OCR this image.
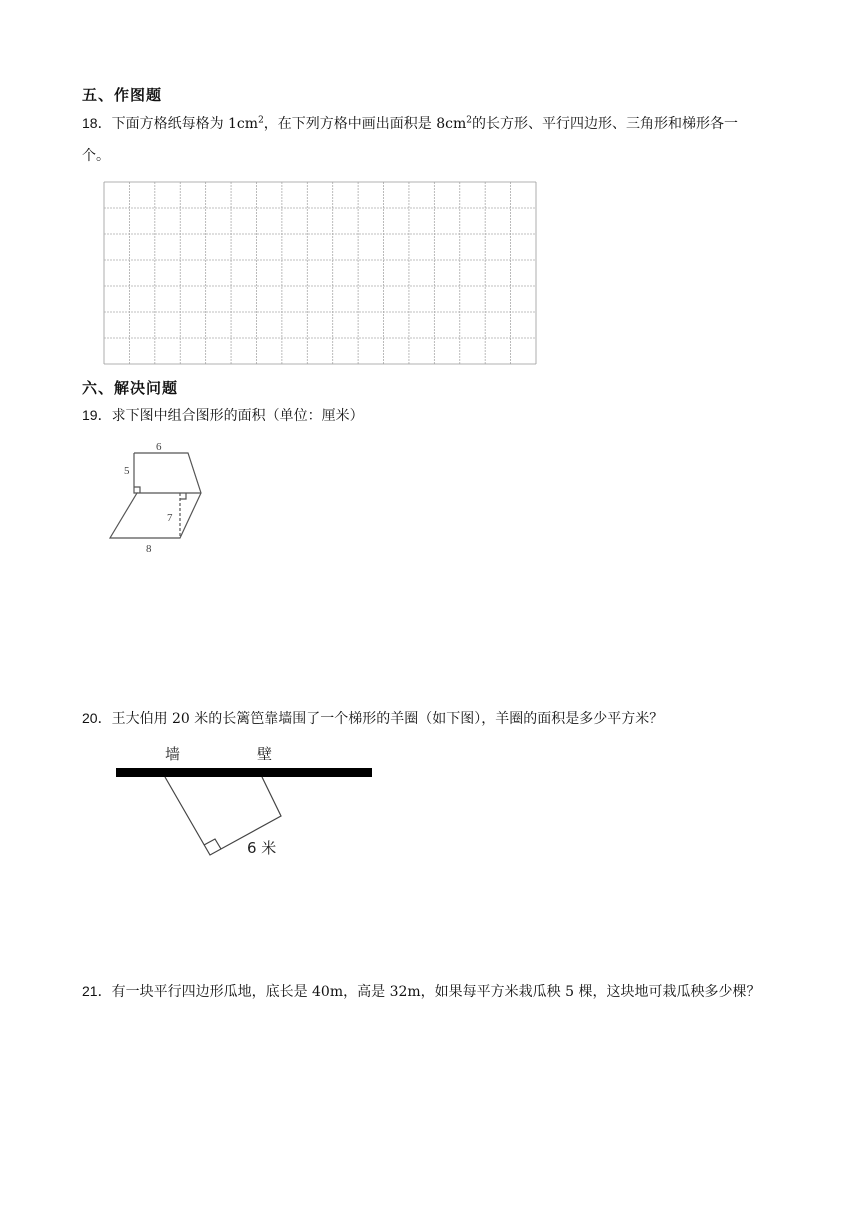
五、作图题
18．下面方格纸每格为 $1cm^2$，在下列方格中画出面积是 $8cm^2$的长方形、平行四边形、三角形和梯形各一
个。
六、解决问题
19．求下图中组合图形的面积（单位：厘米）
6
5
7
8
20．王大伯用 20 米的长篱笆靠墙围了一个梯形的羊圈（如下图），羊圈的面积是多少平方米？
墙	壁
6 米
21．有一块平行四边形瓜地，底长是 40m，高是 32m，如果每平方米栽瓜秧 5 棵，这块地可栽瓜秧多少棵？
